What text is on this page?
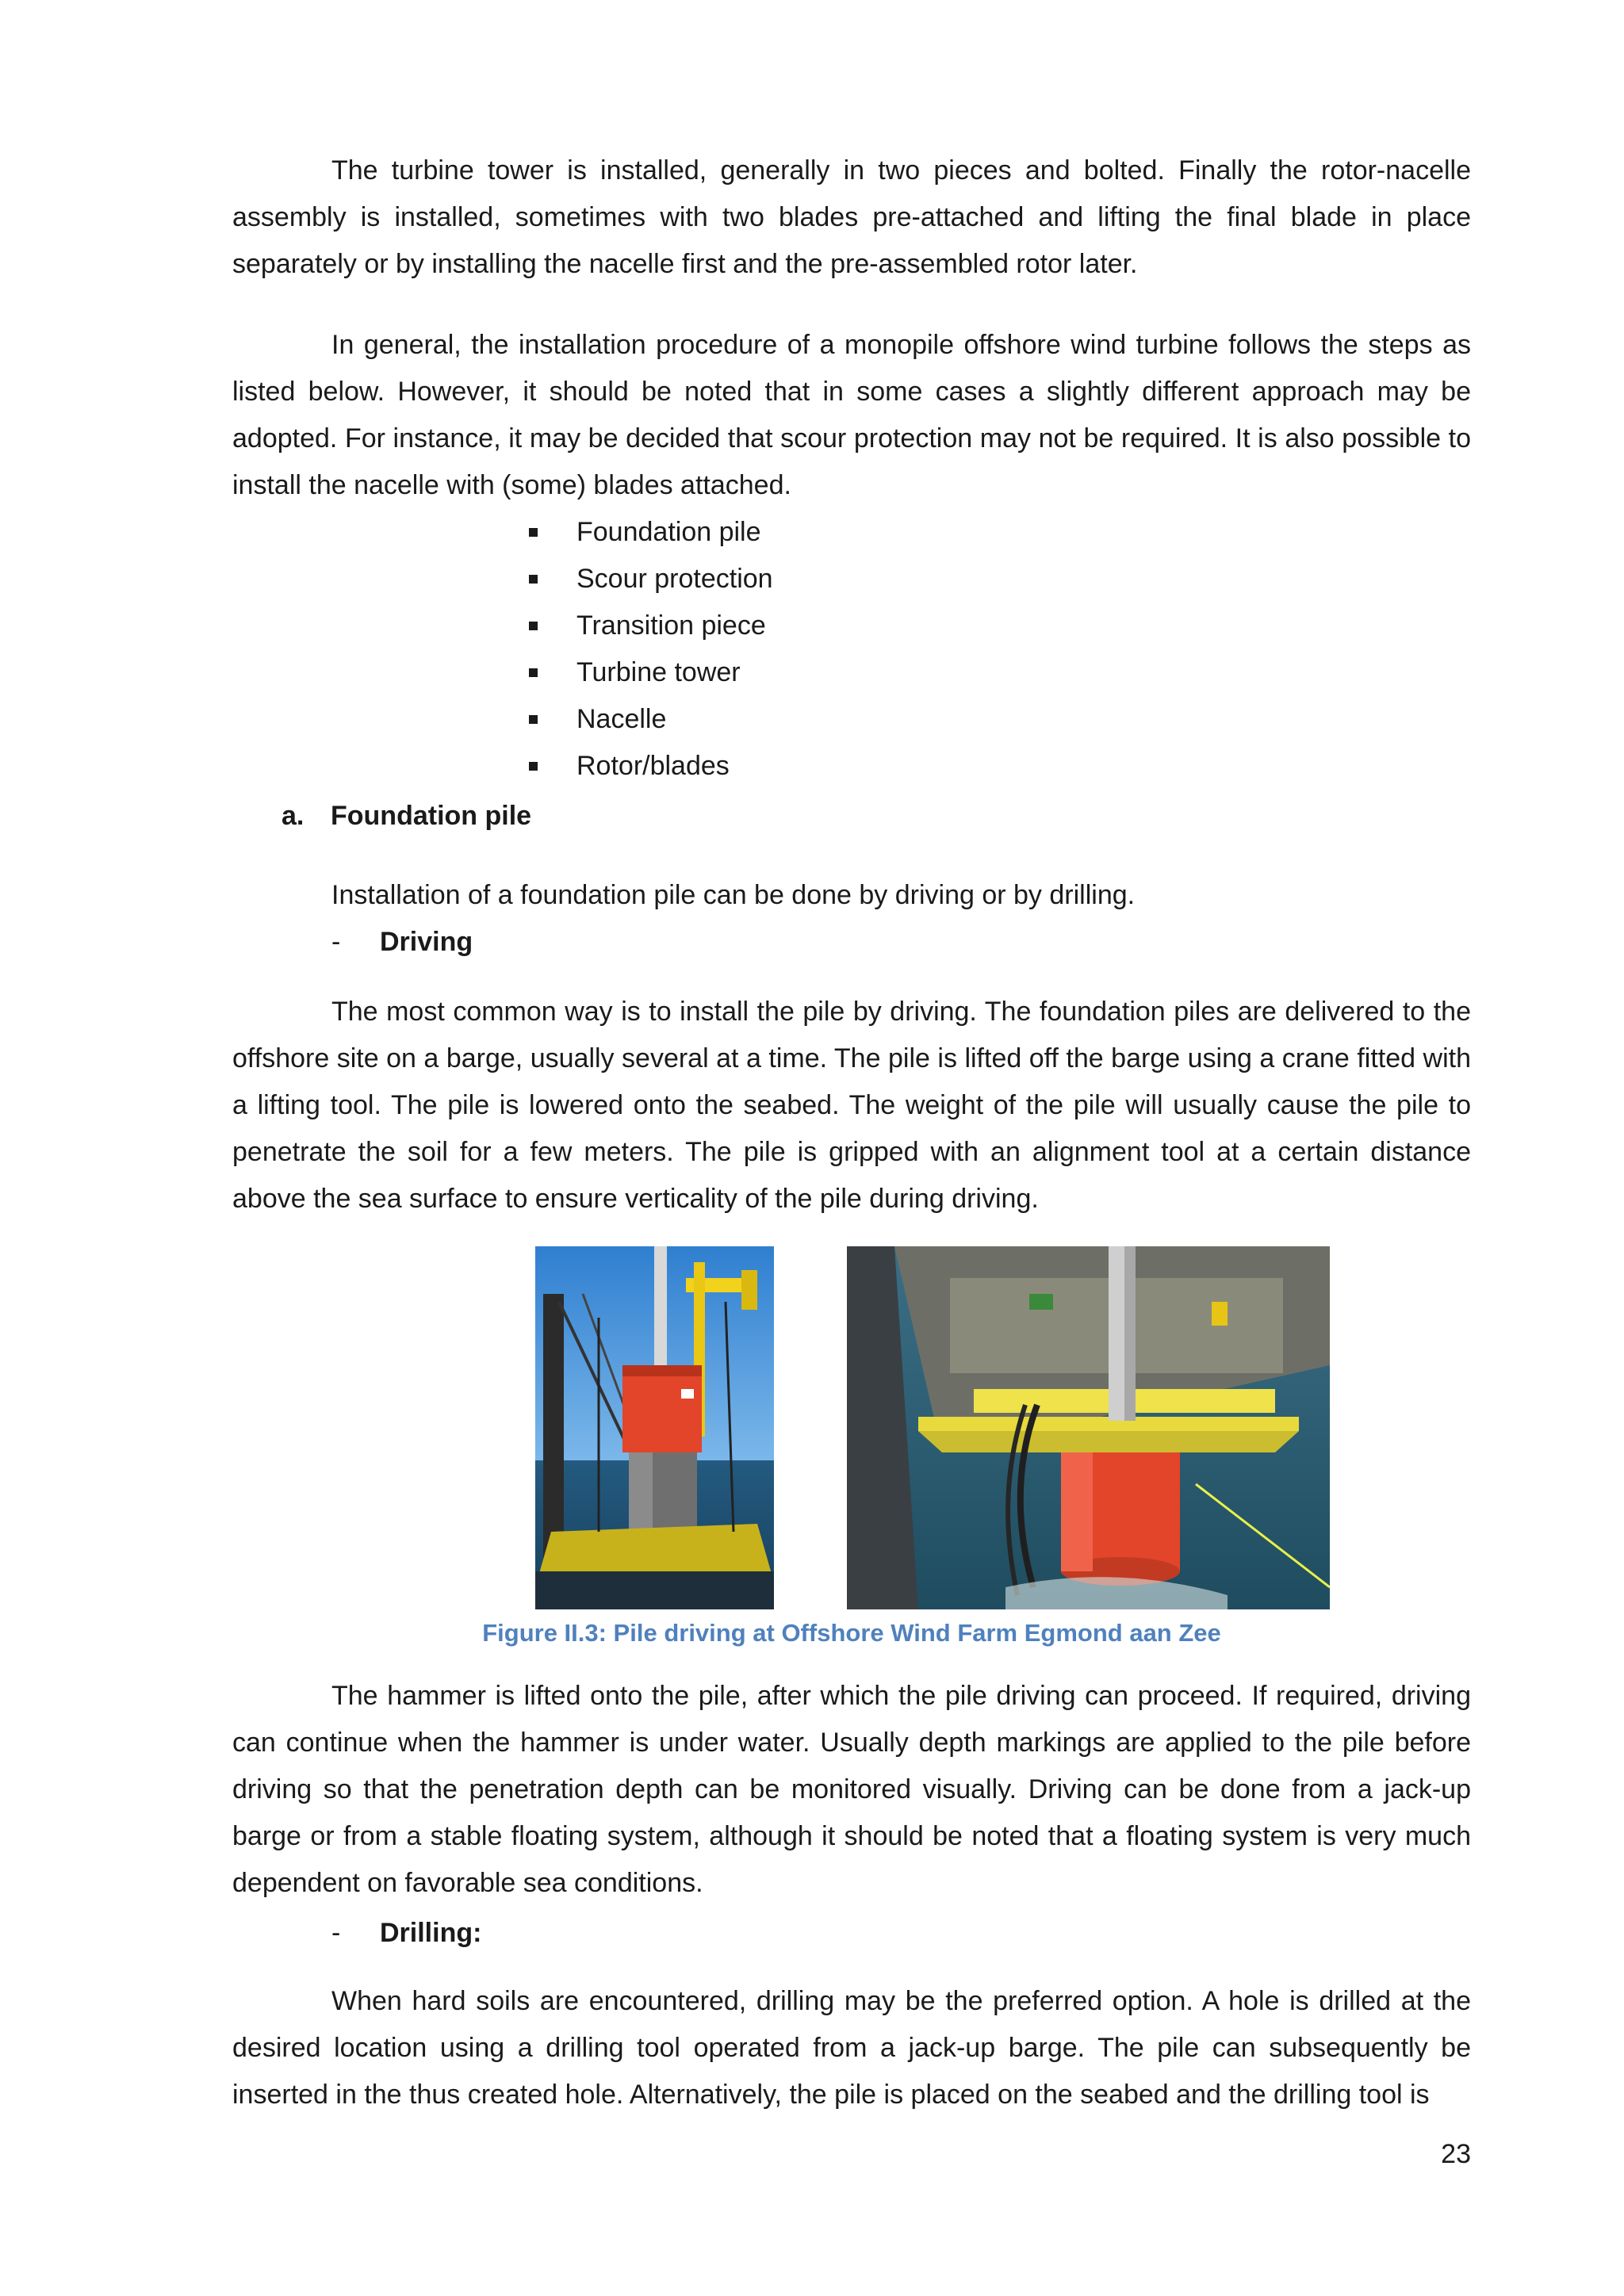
The turbine tower is installed, generally in two pieces and bolted. Finally the rotor-nacelle assembly is installed, sometimes with two blades pre-attached and lifting the final blade in place separately or by installing the nacelle first and the pre-assembled rotor later.

In general, the installation procedure of a monopile offshore wind turbine follows the steps as listed below. However, it should be noted that in some cases a slightly different approach may be adopted. For instance, it may be decided that scour protection may not be required. It is also possible to install the nacelle with (some) blades attached.

Foundation pile
Scour protection
Transition piece
Turbine tower
Nacelle
Rotor/blades
a. Foundation pile

Installation of a foundation pile can be done by driving or by drilling.

- Driving

The most common way is to install the pile by driving. The foundation piles are delivered to the offshore site on a barge, usually several at a time. The pile is lifted off the barge using a crane fitted with a lifting tool. The pile is lowered onto the seabed. The weight of the pile will usually cause the pile to penetrate the soil for a few meters. The pile is gripped with an alignment tool at a certain distance above the sea surface to ensure verticality of the pile during driving.

Figure II.3: Pile driving at Offshore Wind Farm Egmond aan Zee

The hammer is lifted onto the pile, after which the pile driving can proceed. If required, driving can continue when the hammer is under water. Usually depth markings are applied to the pile before driving so that the penetration depth can be monitored visually. Driving can be done from a jack-up barge or from a stable floating system, although it should be noted that a floating system is very much dependent on favorable sea conditions.

- Drilling:

When hard soils are encountered, drilling may be the preferred option. A hole is drilled at the desired location using a drilling tool operated from a jack-up barge. The pile can subsequently be inserted in the thus created hole. Alternatively, the pile is placed on the seabed and the drilling tool is

23
